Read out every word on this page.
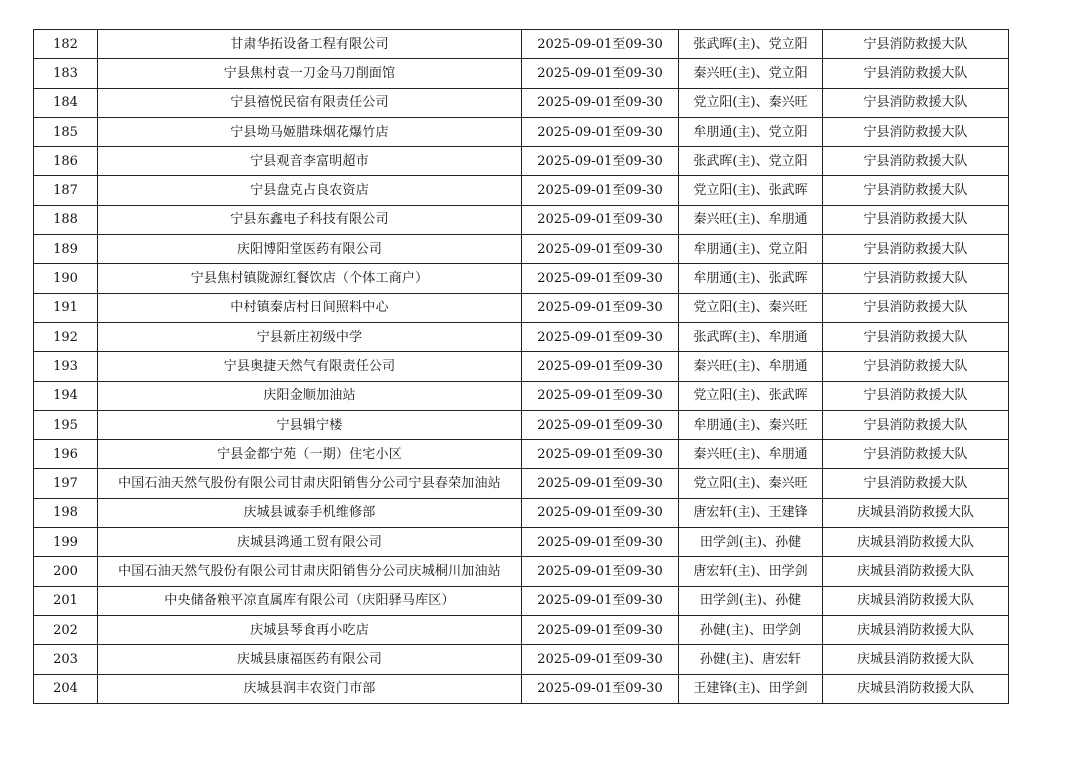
182	甘肃华拓设备工程有限公司	2025-09-01至09-30	张武晖(主)、党立阳	宁县消防救援大队
183	宁县焦村袁一刀金马刀削面馆	2025-09-01至09-30	秦兴旺(主)、党立阳	宁县消防救援大队
184	宁县禧悦民宿有限责任公司	2025-09-01至09-30	党立阳(主)、秦兴旺	宁县消防救援大队
185	宁县坳马姬腊珠烟花爆竹店	2025-09-01至09-30	牟朋通(主)、党立阳	宁县消防救援大队
186	宁县观音李富明超市	2025-09-01至09-30	张武晖(主)、党立阳	宁县消防救援大队
187	宁县盘克占良农资店	2025-09-01至09-30	党立阳(主)、张武晖	宁县消防救援大队
188	宁县东鑫电子科技有限公司	2025-09-01至09-30	秦兴旺(主)、牟朋通	宁县消防救援大队
189	庆阳博阳堂医药有限公司	2025-09-01至09-30	牟朋通(主)、党立阳	宁县消防救援大队
190	宁县焦村镇陇源红餐饮店（个体工商户）	2025-09-01至09-30	牟朋通(主)、张武晖	宁县消防救援大队
191	中村镇秦店村日间照料中心	2025-09-01至09-30	党立阳(主)、秦兴旺	宁县消防救援大队
192	宁县新庄初级中学	2025-09-01至09-30	张武晖(主)、牟朋通	宁县消防救援大队
193	宁县奥捷天然气有限责任公司	2025-09-01至09-30	秦兴旺(主)、牟朋通	宁县消防救援大队
194	庆阳金顺加油站	2025-09-01至09-30	党立阳(主)、张武晖	宁县消防救援大队
195	宁县辑宁楼	2025-09-01至09-30	牟朋通(主)、秦兴旺	宁县消防救援大队
196	宁县金都宁苑（一期）住宅小区	2025-09-01至09-30	秦兴旺(主)、牟朋通	宁县消防救援大队
197	中国石油天然气股份有限公司甘肃庆阳销售分公司宁县春荣加油站	2025-09-01至09-30	党立阳(主)、秦兴旺	宁县消防救援大队
198	庆城县诚泰手机维修部	2025-09-01至09-30	唐宏轩(主)、王建锋	庆城县消防救援大队
199	庆城县鸿通工贸有限公司	2025-09-01至09-30	田学剑(主)、孙健	庆城县消防救援大队
200	中国石油天然气股份有限公司甘肃庆阳销售分公司庆城桐川加油站	2025-09-01至09-30	唐宏轩(主)、田学剑	庆城县消防救援大队
201	中央储备粮平凉直属库有限公司（庆阳驿马库区）	2025-09-01至09-30	田学剑(主)、孙健	庆城县消防救援大队
202	庆城县琴食再小吃店	2025-09-01至09-30	孙健(主)、田学剑	庆城县消防救援大队
203	庆城县康福医药有限公司	2025-09-01至09-30	孙健(主)、唐宏轩	庆城县消防救援大队
204	庆城县润丰农资门市部	2025-09-01至09-30	王建锋(主)、田学剑	庆城县消防救援大队
